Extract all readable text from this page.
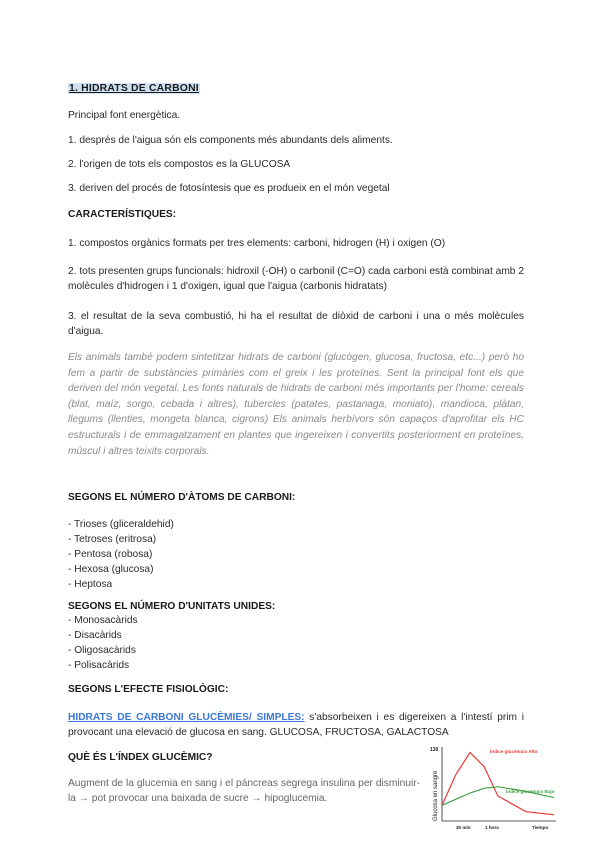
1. HIDRATS DE CARBONI

Principal font energètica.

1. després de l'aigua són els components més abundants dels aliments.

2. l'origen de tots els compostos es la GLUCOSA

3. deriven del procés de fotosíntesis que es produeix en el món vegetal

CARACTERÍSTIQUES:

1. compostos orgànics formats per tres elements: carboni, hidrogen (H) i oxigen (O)

2. tots presenten grups funcionals: hidroxil (-OH) o carbonil (C=O) cada carboni està combinat amb 2 molècules d'hidrogen i 1 d'oxigen, igual que l'aigua (carbonis hidratats)

3. el resultat de la seva combustió, hi ha el resultat de diòxid de carboni i una o més molècules d'aigua.

Els animals també podem sintetitzar hidrats de carboni (glucògen, glucosa, fructosa, etc...) però ho fem a partir de substàncies primàries com el greix i les proteïnes. Sent la principal font els que deriven del món vegetal. Les fonts naturals de hidrats de carboni més importants per l'home: cereals (blat, maíz, sorgo, cebada i altres), tubercles (patates, pastanaga, moniato), mandioca, plàtan, llegums (llenties, mongeta blanca, cigrons) Els animals herbívors són capaços d'aprofitar els HC estructurals i de emmagatzament en plantes que ingereixen i convertits posteriorment en proteïnes, múscul i altres teixits corporals.

SEGONS EL NÚMERO D'ÀTOMS DE CARBONI:
- Trioses (gliceraldehid)
- Tetroses (eritrosa)
- Pentosa (robosa)
- Hexosa (glucosa)
- Heptosa
SEGONS EL NÚMERO D'UNITATS UNIDES:
- Monosacàrids
- Disacàrids
- Oligosacàrids
- Polisacàrids
SEGONS L'EFECTE FISIOLÒGIC:

HIDRATS DE CARBONI GLUCÈMIES/ SIMPLES: s'absorbeixen i es digereixen a l'intestí prim i provocant una elevació de glucosa en sang. GLUCOSA, FRUCTOSA, GALACTOSA

QUÈ ÉS L'ÍNDEX GLUCÈMIC?

Augment de la glucemia en sang i el páncreas segrega insulina per disminuir-la → pot provocar una baixada de sucre → hipoglucemia.	Glucosa en sangre
130	Índice glucémico Alto
Índice glucémico Bajo
30 min	1 hora	Tiempo
